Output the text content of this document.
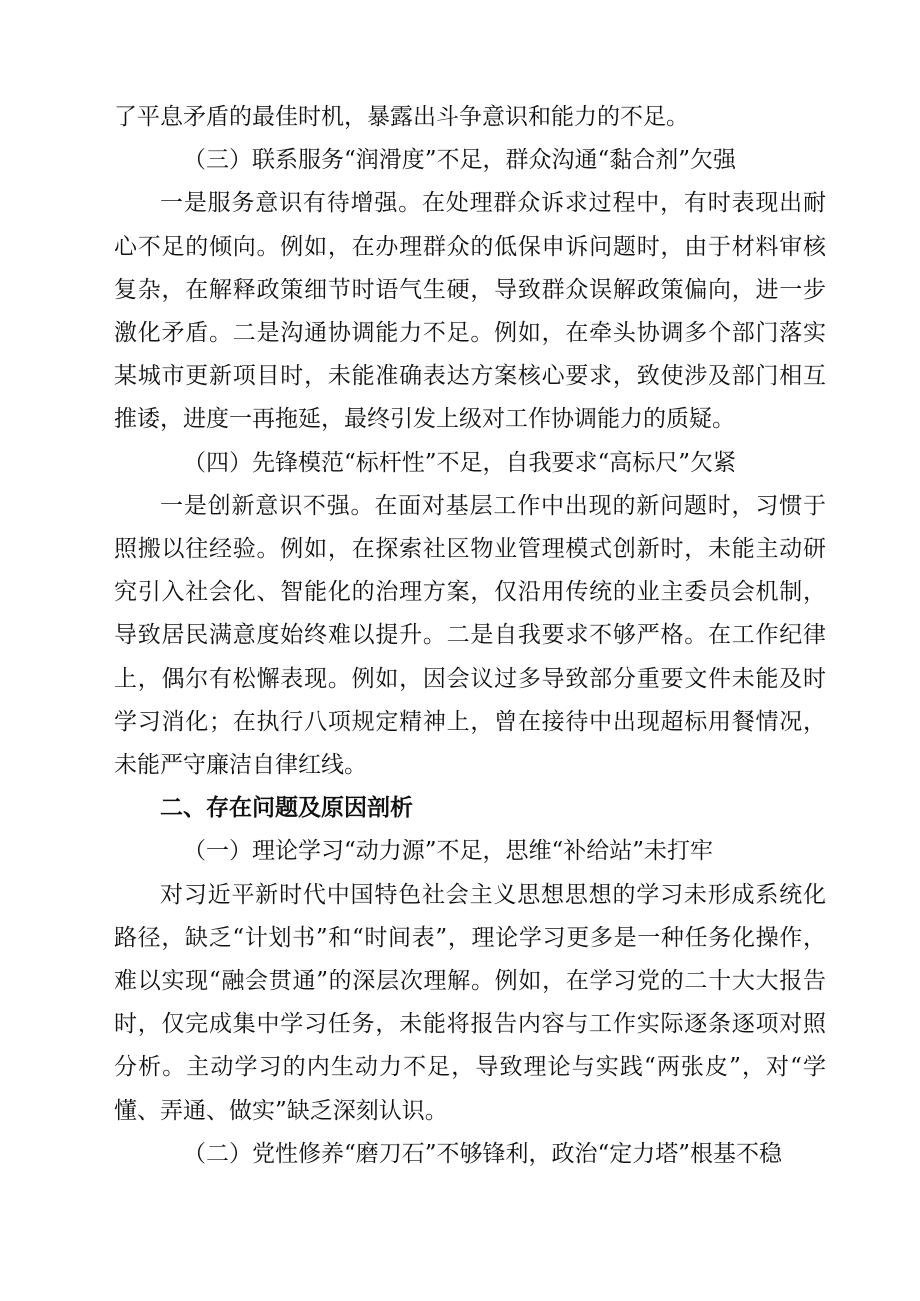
了平息矛盾的最佳时机，暴露出斗争意识和能力的不足。

（三）联系服务“润滑度”不足，群众沟通“黏合剂”欠强

一是服务意识有待增强。在处理群众诉求过程中，有时表现出耐心不足的倾向。例如，在办理群众的低保申诉问题时，由于材料审核复杂，在解释政策细节时语气生硬，导致群众误解政策偏向，进一步激化矛盾。二是沟通协调能力不足。例如，在牵头协调多个部门落实某城市更新项目时，未能准确表达方案核心要求，致使涉及部门相互推诿，进度一再拖延，最终引发上级对工作协调能力的质疑。

（四）先锋模范“标杆性”不足，自我要求“高标尺”欠紧

一是创新意识不强。在面对基层工作中出现的新问题时，习惯于照搬以往经验。例如，在探索社区物业管理模式创新时，未能主动研究引入社会化、智能化的治理方案，仅沿用传统的业主委员会机制，导致居民满意度始终难以提升。二是自我要求不够严格。在工作纪律上，偶尔有松懈表现。例如，因会议过多导致部分重要文件未能及时学习消化；在执行八项规定精神上，曾在接待中出现超标用餐情况，未能严守廉洁自律红线。

二、存在问题及原因剖析

（一）理论学习“动力源”不足，思维“补给站”未打牢

对习近平新时代中国特色社会主义思想思想的学习未形成系统化路径，缺乏“计划书”和“时间表”，理论学习更多是一种任务化操作，难以实现“融会贯通”的深层次理解。例如，在学习党的二十大大报告时，仅完成集中学习任务，未能将报告内容与工作实际逐条逐项对照分析。主动学习的内生动力不足，导致理论与实践“两张皮”，对“学懂、弄通、做实”缺乏深刻认识。

（二）党性修养“磨刀石”不够锋利，政治“定力塔”根基不稳
